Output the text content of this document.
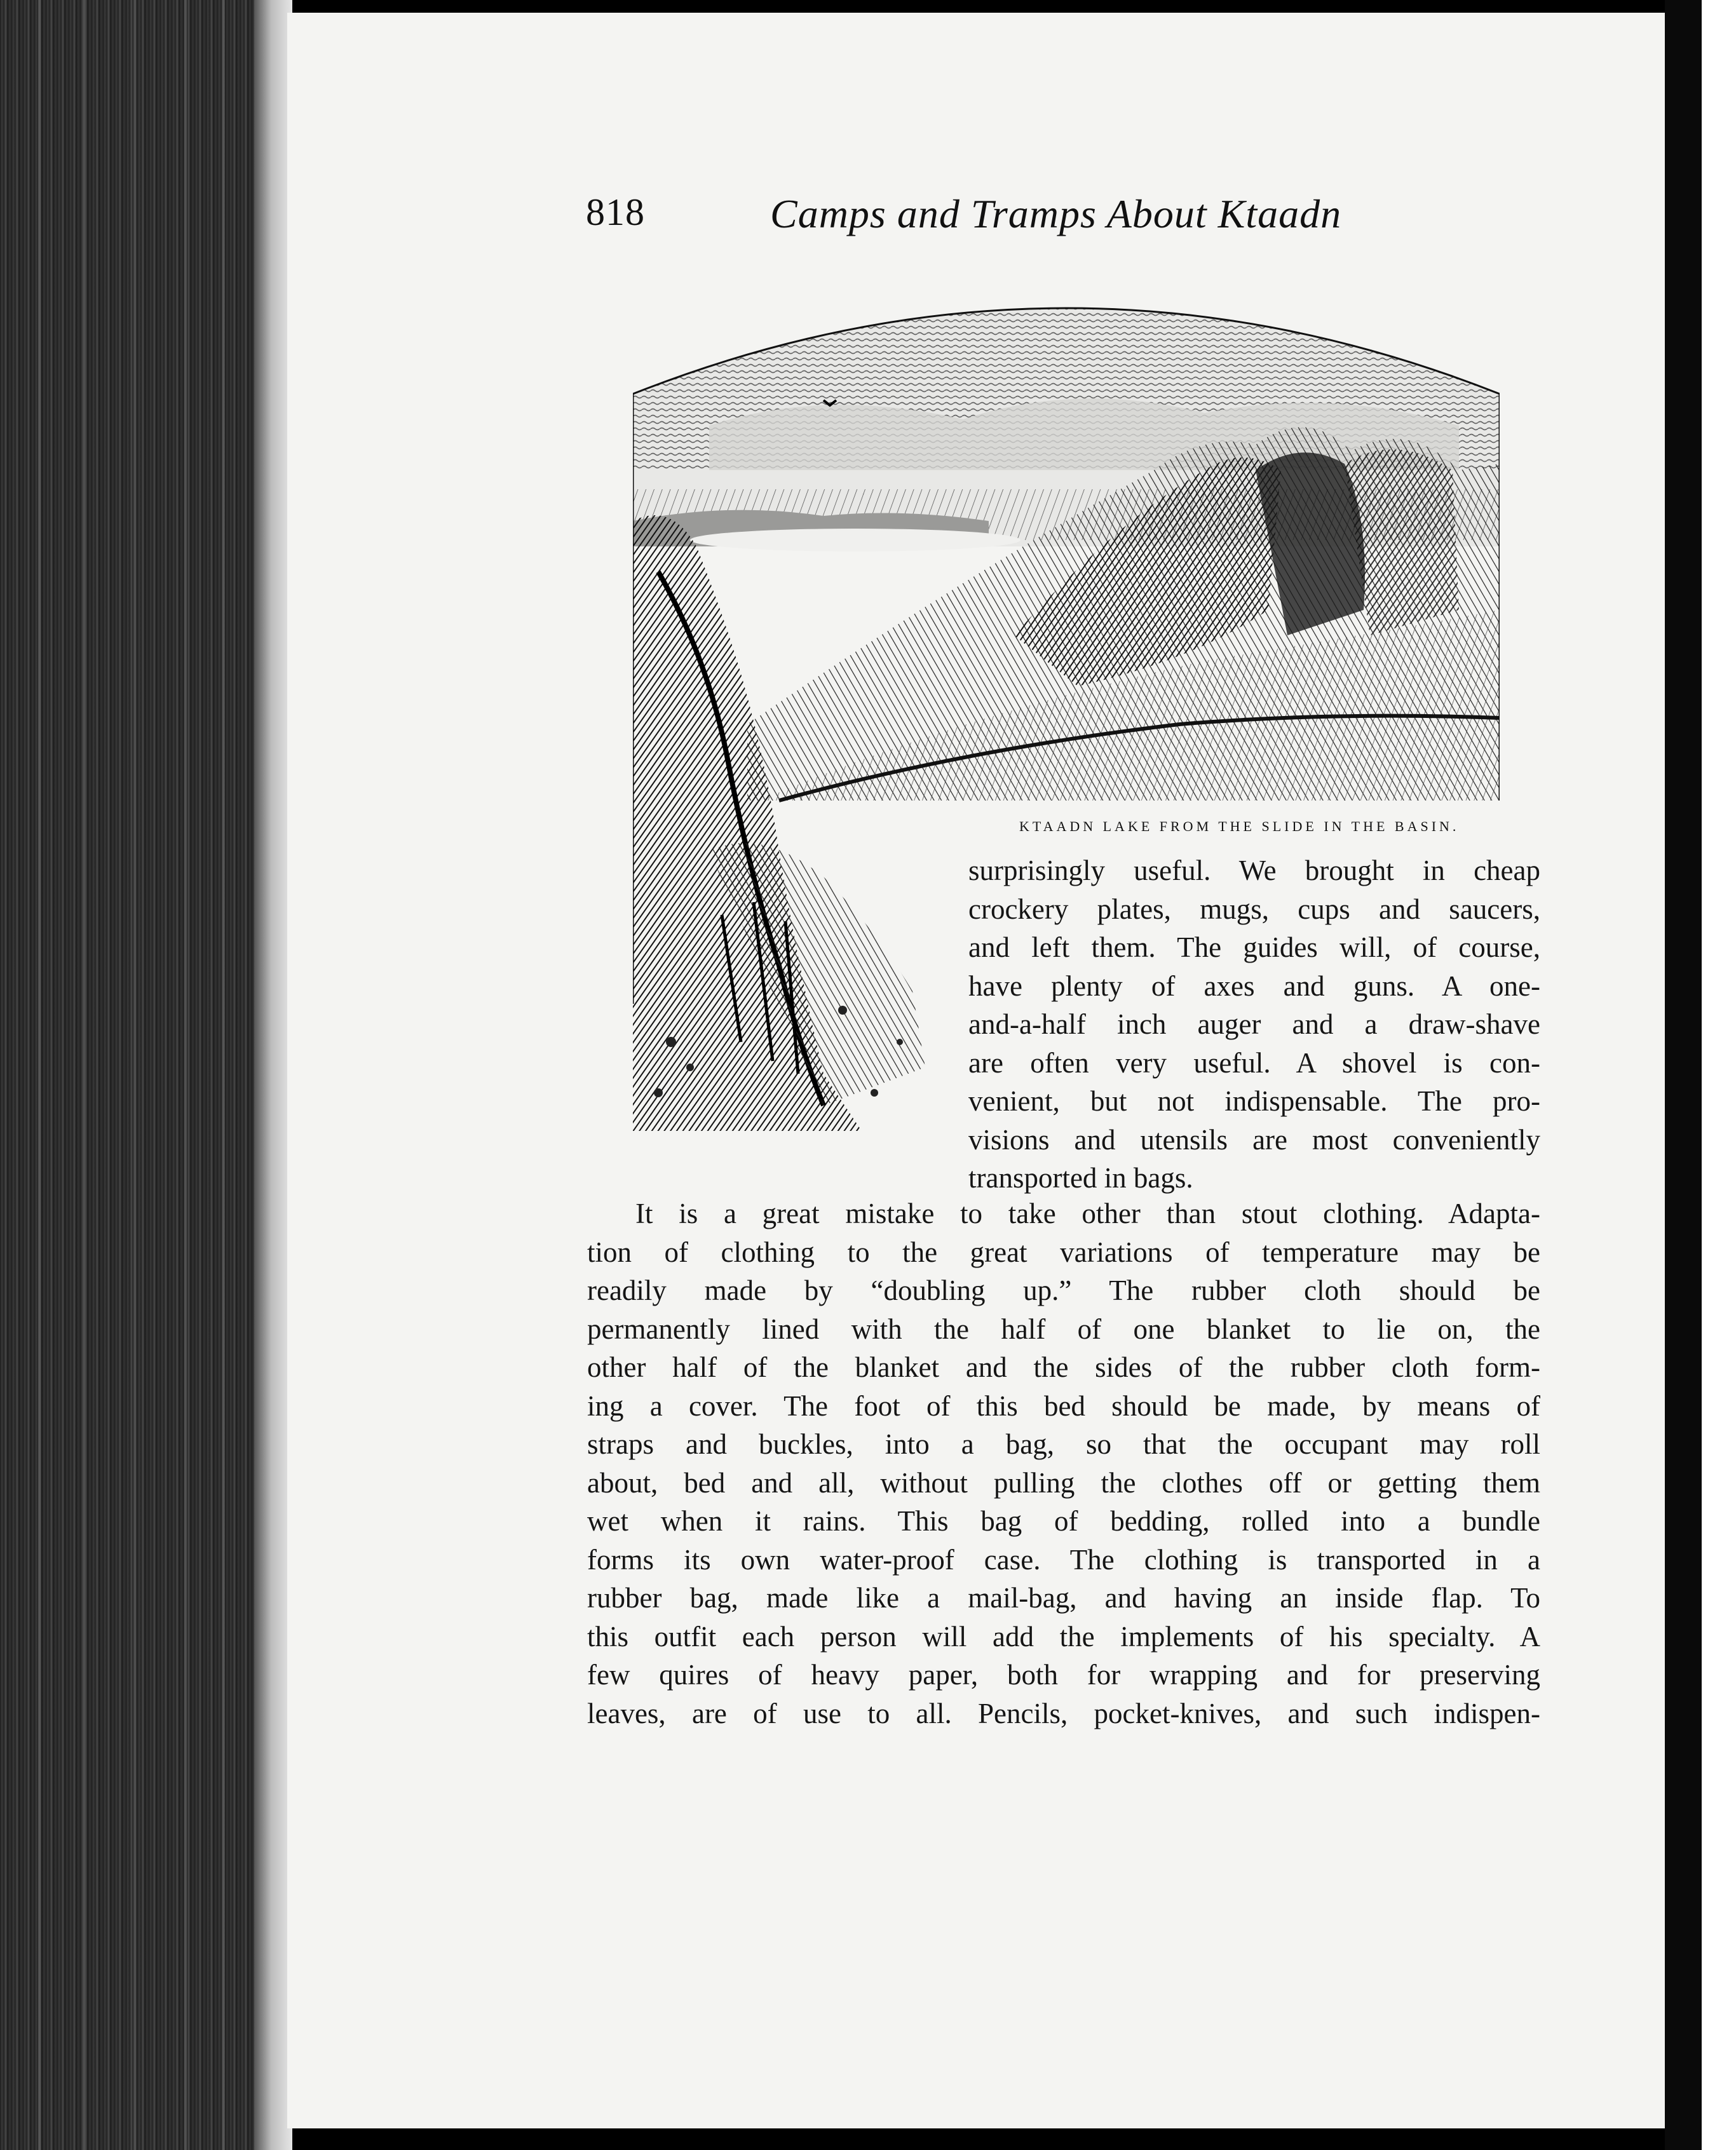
818	Camps and Tramps About Ktaadn
KTAADN LAKE FROM THE SLIDE IN THE BASIN.
surprisingly useful. We brought in cheap
crockery plates, mugs, cups and saucers,
and left them. The guides will, of course,
have plenty of axes and guns. A one-
and-a-half inch auger and a draw-shave
are often very useful. A shovel is con-
venient, but not indispensable. The pro-
visions and utensils are most conveniently
transported in bags.
It is a great mistake to take other than stout clothing. Adapta-
tion of clothing to the great variations of temperature may be
readily made by “doubling up.” The rubber cloth should be
permanently lined with the half of one blanket to lie on, the
other half of the blanket and the sides of the rubber cloth form-
ing a cover. The foot of this bed should be made, by means of
straps and buckles, into a bag, so that the occupant may roll
about, bed and all, without pulling the clothes off or getting them
wet when it rains. This bag of bedding, rolled into a bundle
forms its own water-proof case. The clothing is transported in a
rubber bag, made like a mail-bag, and having an inside flap. To
this outfit each person will add the implements of his specialty. A
few quires of heavy paper, both for wrapping and for preserving
leaves, are of use to all. Pencils, pocket-knives, and such indispen-
